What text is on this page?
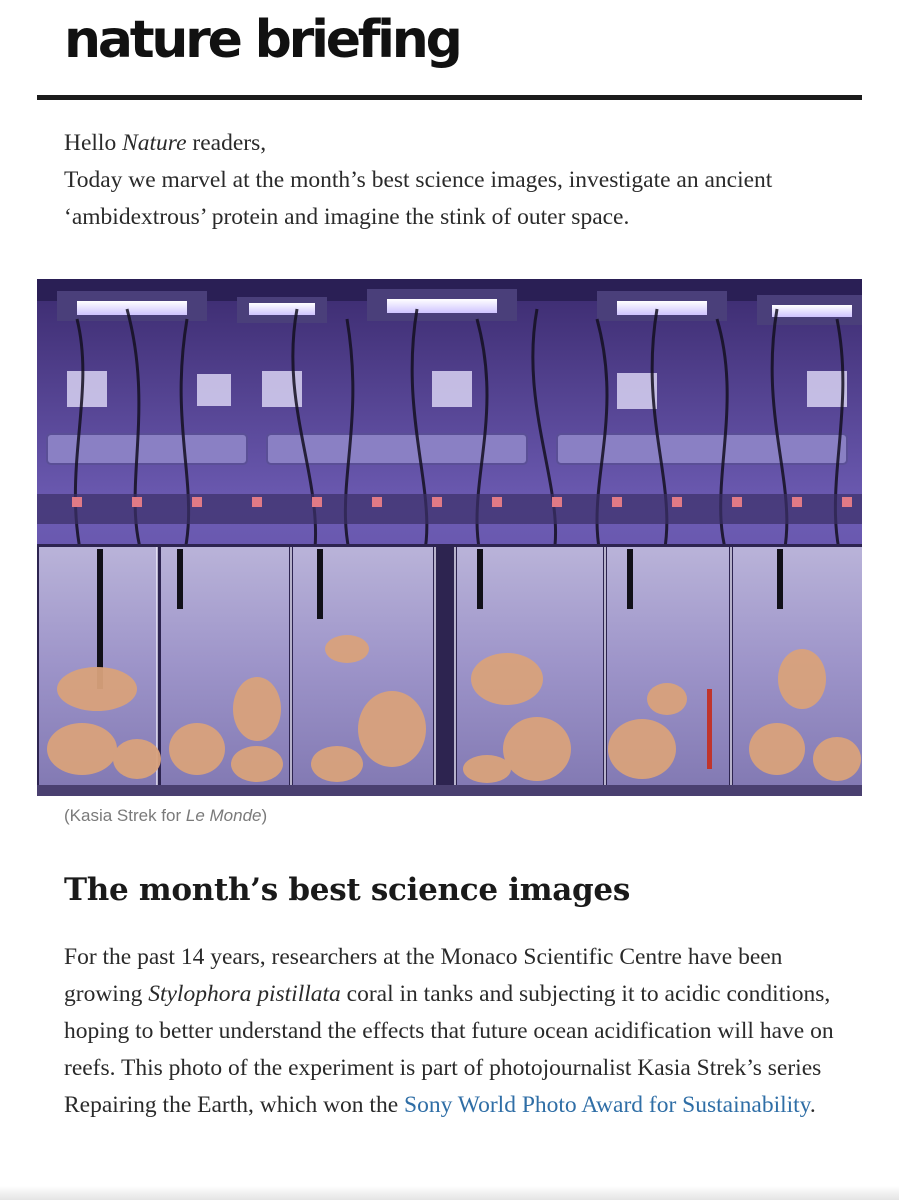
nature briefing

Hello Nature readers,

Today we marvel at the month’s best science images, investigate an ancient ‘ambidextrous’ protein and imagine the stink of outer space.

(Kasia Strek for Le Monde)
The month’s best science images

For the past 14 years, researchers at the Monaco Scientific Centre have been growing Stylophora pistillata coral in tanks and subjecting it to acidic conditions, hoping to better understand the effects that future ocean acidification will have on reefs. This photo of the experiment is part of photojournalist Kasia Strek’s series Repairing the Earth, which won the Sony World Photo Award for Sustainability.
